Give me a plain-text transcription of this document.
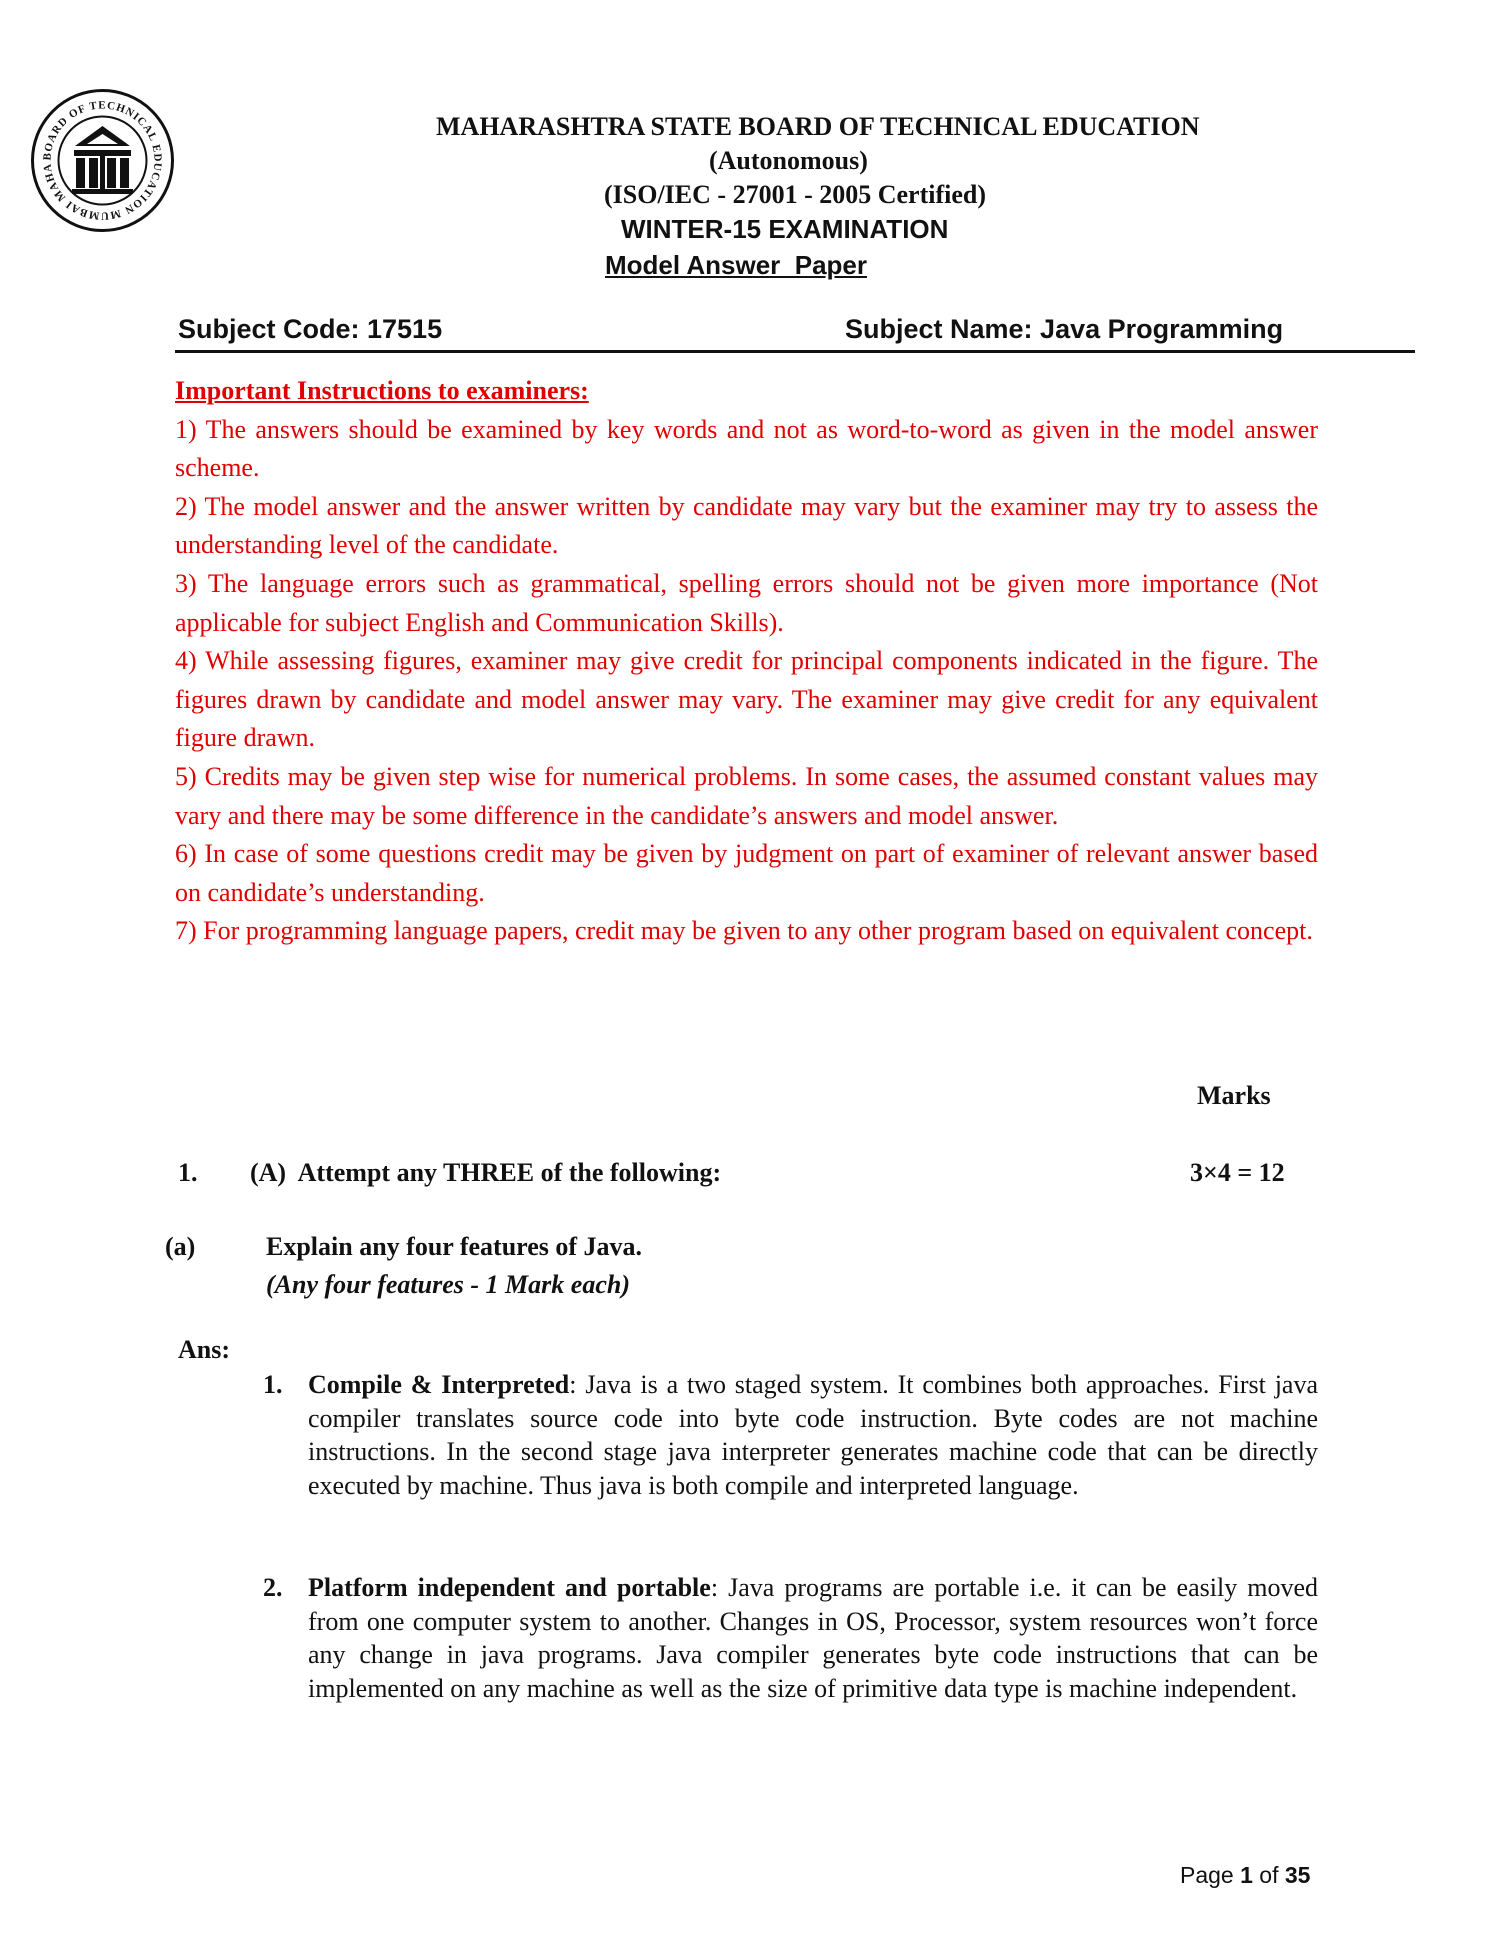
BOARD OF TECHNICAL EDUCATION MUMBAI MAHA
MAHARASHTRA STATE BOARD OF TECHNICAL EDUCATION
(Autonomous)
(ISO/IEC - 27001 - 2005 Certified)
WINTER-15 EXAMINATION
Model Answer  Paper
Subject Code: 17515	Subject Name: Java Programming
Important Instructions to examiners:

1) The answers should be examined by key words and not as word-to-word as given in the model answer scheme.

2) The model answer and the answer written by candidate may vary but the examiner may try to assess the understanding level of the candidate.

3) The language errors such as grammatical, spelling errors should not be given more importance (Not applicable for subject English and Communication Skills).

4) While assessing figures, examiner may give credit for principal components indicated in the figure. The figures drawn by candidate and model answer may vary. The examiner may give credit for any equivalent figure drawn.

5) Credits may be given step wise for numerical problems. In some cases, the assumed constant values may vary and there may be some difference in the candidate’s answers and model answer.

6) In case of some questions credit may be given by judgment on part of examiner of relevant answer based on candidate’s understanding.

7) For programming language papers, credit may be given to any other program based on equivalent concept.

Marks
1. (A)  Attempt any THREE of the following:	3×4 = 12
(a)	Explain any four features of Java.
(Any four features - 1 Mark each)
Ans:
1. Compile & Interpreted: Java is a two staged system. It combines both approaches. First java compiler translates source code into byte code instruction. Byte codes are not machine instructions. In the second stage java interpreter generates machine code that can be directly executed by machine. Thus java is both compile and interpreted language.
2. Platform independent and portable: Java programs are portable i.e. it can be easily moved from one computer system to another. Changes in OS, Processor, system resources won’t force any change in java programs. Java compiler generates byte code instructions that can be implemented on any machine as well as the size of primitive data type is machine independent.
Page 1 of 35
